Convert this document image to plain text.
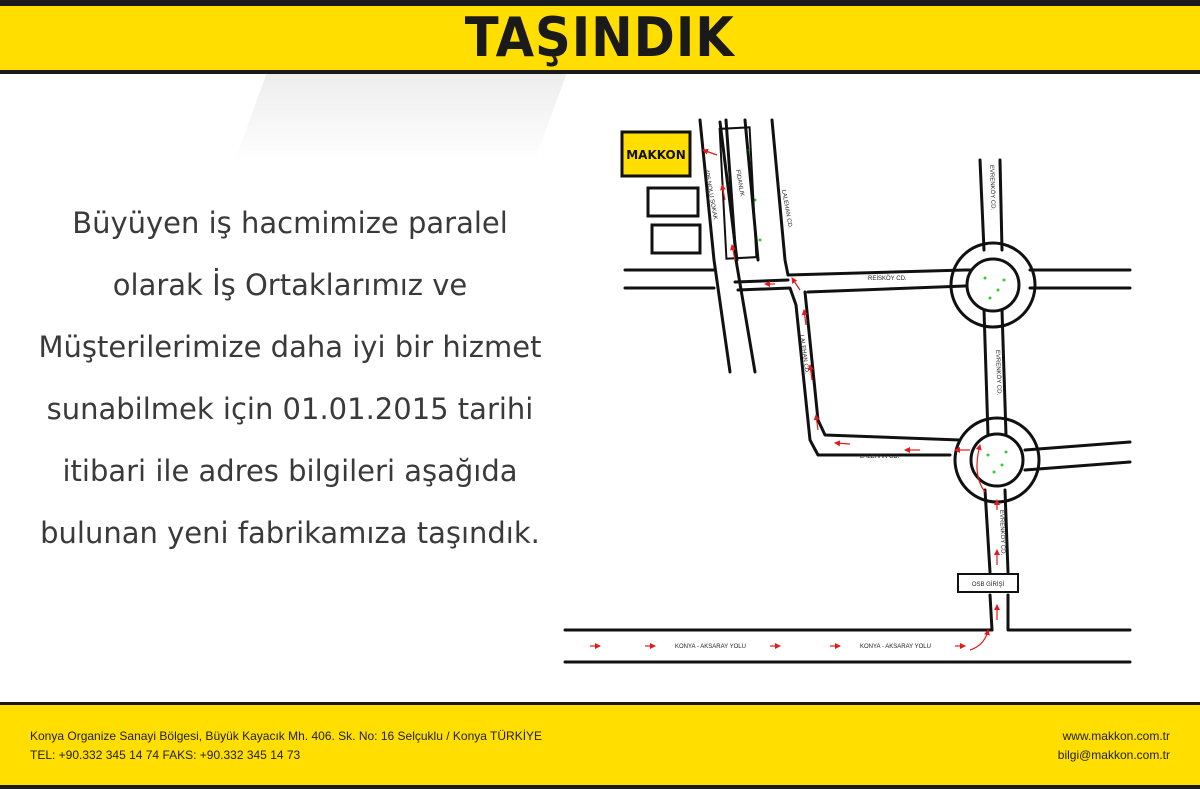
TAŞINDIK
Büyüyen iş hacmimize paralel
olarak İş Ortaklarımız ve
Müşterilerimize daha iyi bir hizmet
sunabilmek için 01.01.2015 tarihi
itibari ile adres bilgileri aşağıda
bulunan yeni fabrikamıza taşındık.
MAKKON
OSB GİRİŞİ
406 NOLU SOKAK	FİDANLIK
LALEHAN CD.
LALEHAN CD.
LALEHAN CD.
REİSKÖY CD.
EVRENKÖY CD.
EVRENKÖY CD.
EVRENKÖY CD.
KONYA - AKSARAY YOLU	KONYA - AKSARAY YOLU
Konya Organize Sanayi Bölgesi, Büyük Kayacık Mh. 406. Sk. No: 16 Selçuklu / Konya TÜRKİYE
TEL: +90.332 345 14 74 FAKS: +90.332 345 14 73
www.makkon.com.tr
bilgi@makkon.com.tr
